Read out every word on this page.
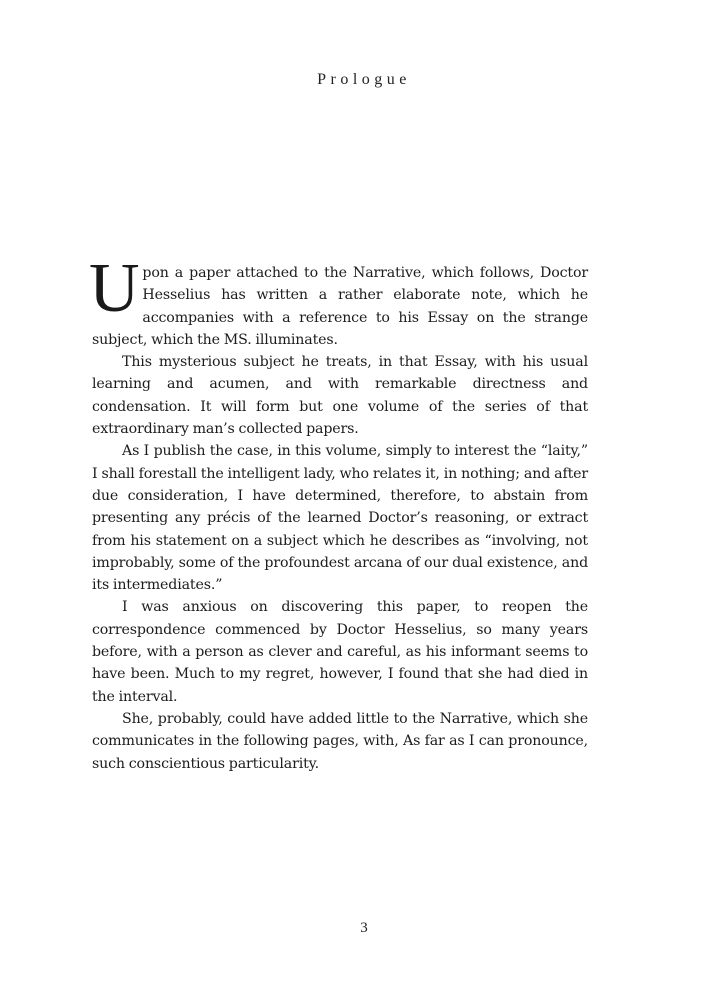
Prologue

Upon a paper attached to the Narrative, which follows, Doctor Hesselius has written a rather elaborate note, which he accompanies with a reference to his Essay on the strange subject, which the MS. illuminates.

This mysterious subject he treats, in that Essay, with his usual learning and acumen, and with remarkable directness and condensation. It will form but one volume of the series of that extraordinary man’s collected papers.

As I publish the case, in this volume, simply to interest the “laity,” I shall forestall the intelligent lady, who relates it, in nothing; and after due consideration, I have determined, therefore, to abstain from presenting any précis of the learned Doctor’s reasoning, or extract from his statement on a subject which he describes as “involving, not improbably, some of the profoundest arcana of our dual existence, and its intermediates.”

I was anxious on discovering this paper, to reopen the correspondence commenced by Doctor Hesselius, so many years before, with a person as clever and careful, as his informant seems to have been. Much to my regret, however, I found that she had died in the interval.

She, probably, could have added little to the Narrative, which she communicates in the following pages, with, As far as I can pronounce, such conscientious particularity.

3
